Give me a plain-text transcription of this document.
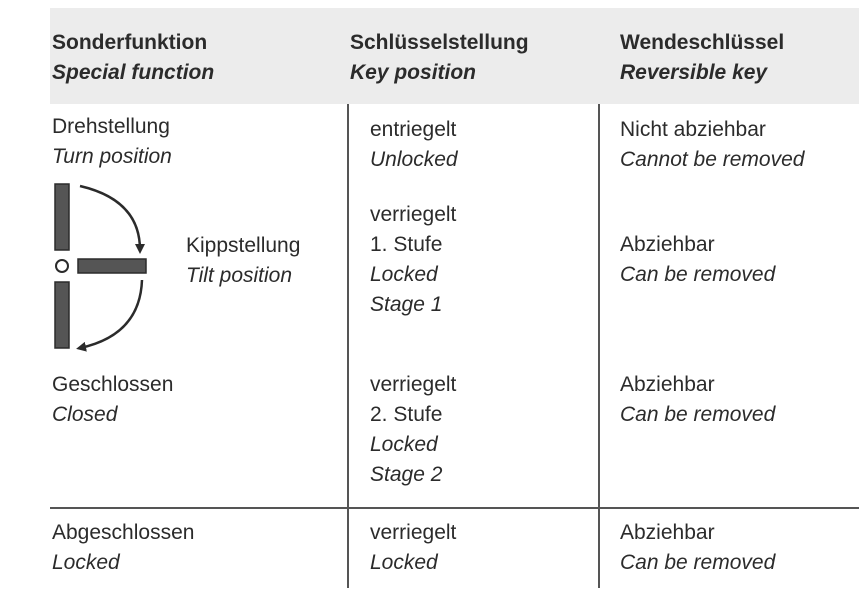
Sonderfunktion
Special function
Schlüsselstellung
Key position
Wendeschlüssel
Reversible key
Drehstellung
Turn position
entriegelt
Unlocked
Nicht abziehbar
Cannot be removed
Kippstellung
Tilt position
verriegelt
1. Stufe
Locked
Stage 1
Abziehbar
Can be removed
Geschlossen
Closed
verriegelt
2. Stufe
Locked
Stage 2
Abziehbar
Can be removed
Abgeschlossen
Locked
verriegelt
Locked
Abziehbar
Can be removed
